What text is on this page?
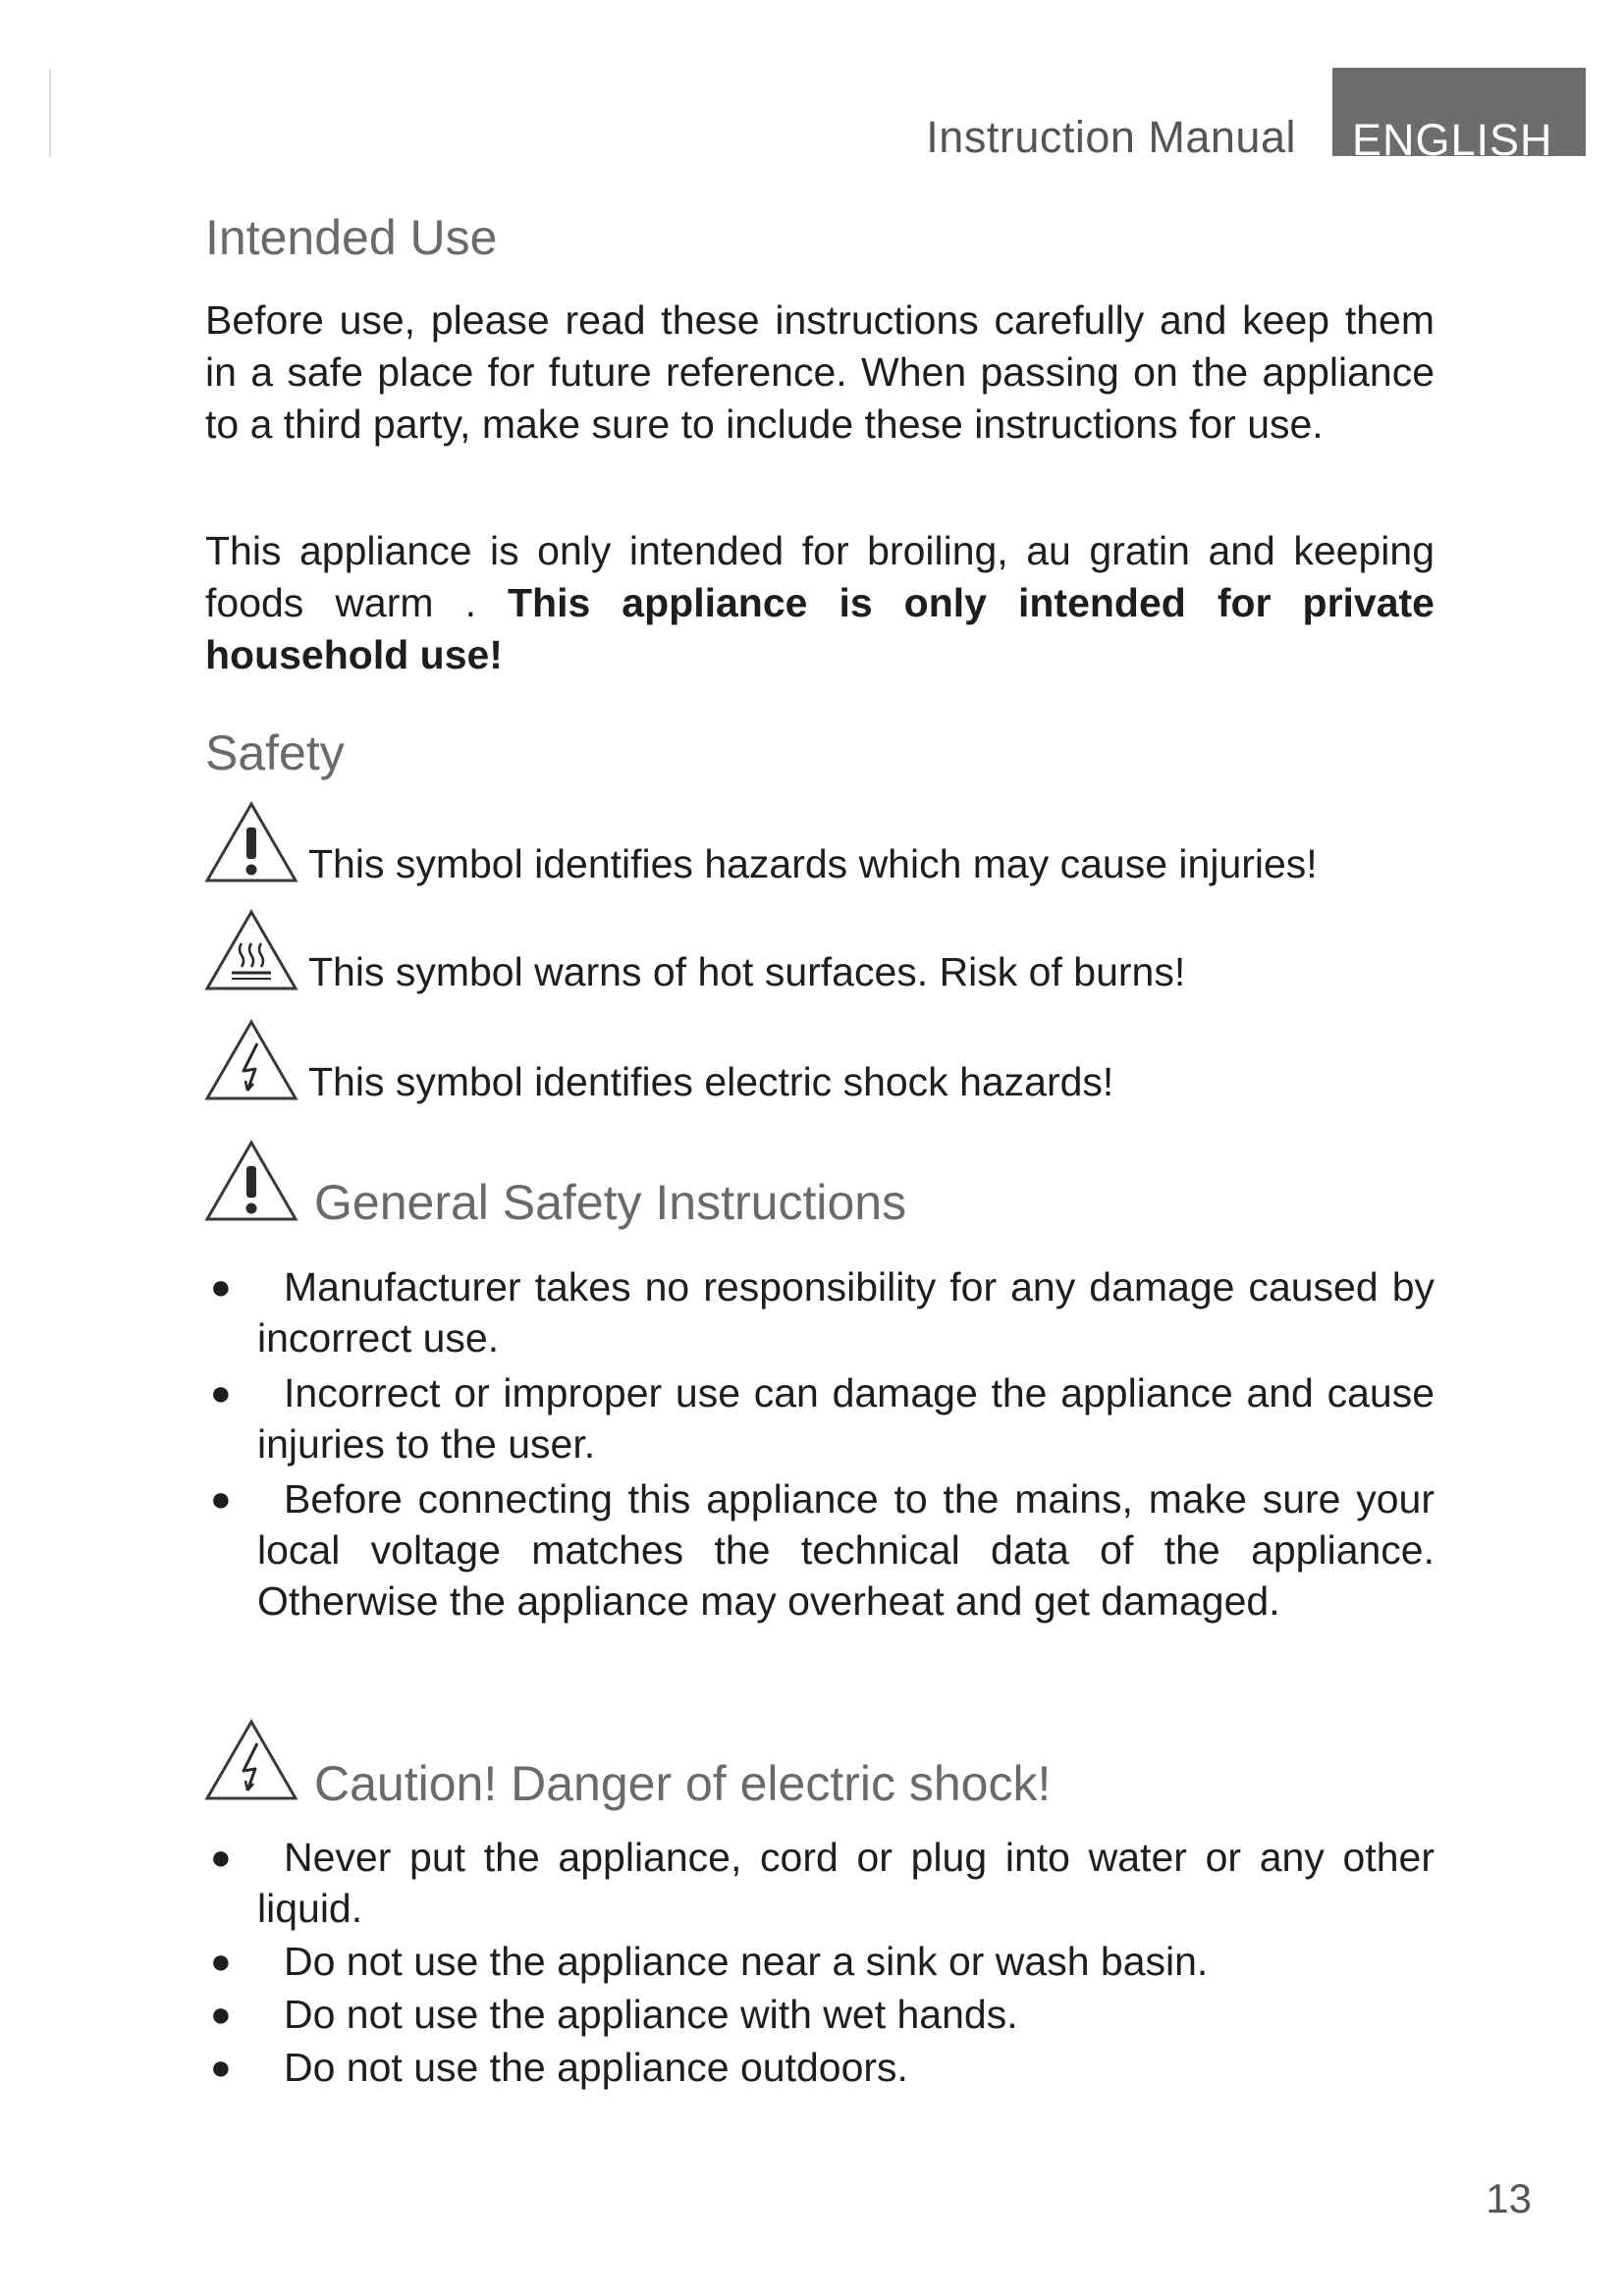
Instruction Manual ENGLISH
Intended Use

Before use, please read these instructions carefully and keep them in a safe place for future reference. When passing on the appliance to a third party, make sure to include these instructions for use.

This appliance is only intended for broiling, au gratin and keeping foods warm . This appliance is only intended for private household use!

Safety
This symbol identifies hazards which may cause injuries!
This symbol warns of hot surfaces. Risk of burns!
This symbol identifies electric shock hazards!
General Safety Instructions
●	Manufacturer takes no responsibility for any damage caused by incorrect use.
●	Incorrect or improper use can damage the appliance and cause injuries to the user.
●	Before connecting this appliance to the mains, make sure your local voltage matches the technical data of the appliance. Otherwise the appliance may overheat and get damaged.
Caution! Danger of electric shock!
●	Never put the appliance, cord or plug into water or any other liquid.
●	Do not use the appliance near a sink or wash basin.
●	Do not use the appliance with wet hands.
●	Do not use the appliance outdoors.
13
